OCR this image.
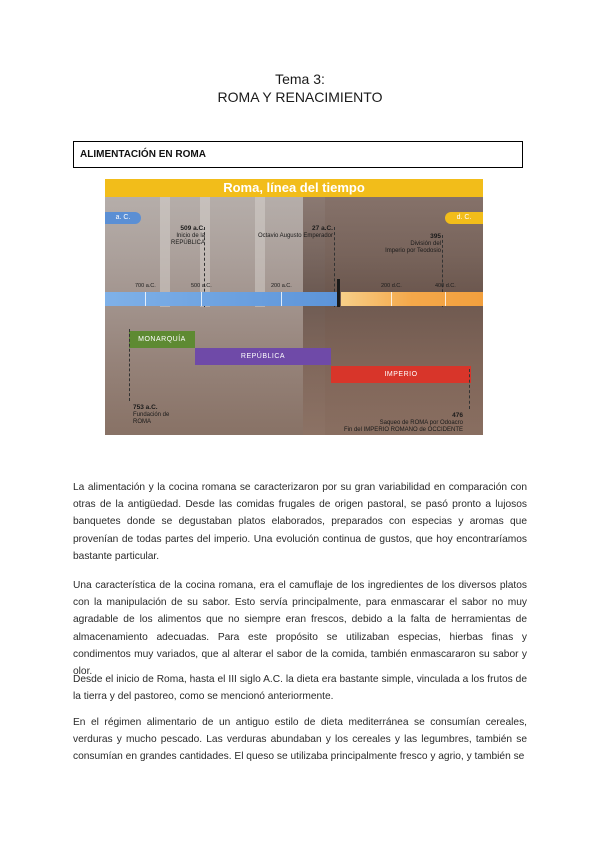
Tema 3:
ROMA Y RENACIMIENTO
ALIMENTACIÓN EN ROMA
Roma, línea del tiempo
a. C.	d. C.
509 a.C.
Inicio de la
REPÚBLICA
27 a.C.
Octavio Augusto Emperador	395
División del
Imperio por Teodosio
700 a.C.	500 a.C.	200 a.C.	200 d.C.	400 d.C.
MONARQUÍA
REPÚBLICA
IMPERIO
753 a.C.
Fundación de
ROMA
476
Saqueo de ROMA por Odoacro
Fin del IMPERIO ROMANO de OCCIDENTE

La alimentación y la cocina romana se caracterizaron por su gran variabilidad en comparación con otras de la antigüedad. Desde las comidas frugales de origen pastoral, se pasó pronto a lujosos banquetes donde se degustaban platos elaborados, preparados con especias y aromas que provenían de todas partes del imperio. Una evolución continua de gustos, que hoy encontraríamos bastante particular.

Una característica de la cocina romana, era el camuflaje de los ingredientes de los diversos platos con la manipulación de su sabor. Esto servía principalmente, para enmascarar el sabor no muy agradable de los alimentos que no siempre eran frescos, debido a la falta de herramientas de almacenamiento adecuadas. Para este propósito se utilizaban especias, hierbas finas y condimentos muy variados, que al alterar el sabor de la comida, también enmascararon su sabor y olor.

Desde el inicio de Roma, hasta el III siglo A.C. la dieta era bastante simple, vinculada a los frutos de la tierra y del pastoreo, como se mencionó anteriormente.

En el régimen alimentario de un antiguo estilo de dieta mediterránea se consumían cereales, verduras y mucho pescado. Las verduras abundaban y los cereales y las legumbres, también se consumían en grandes cantidades. El queso se utilizaba principalmente fresco y agrio, y también se
